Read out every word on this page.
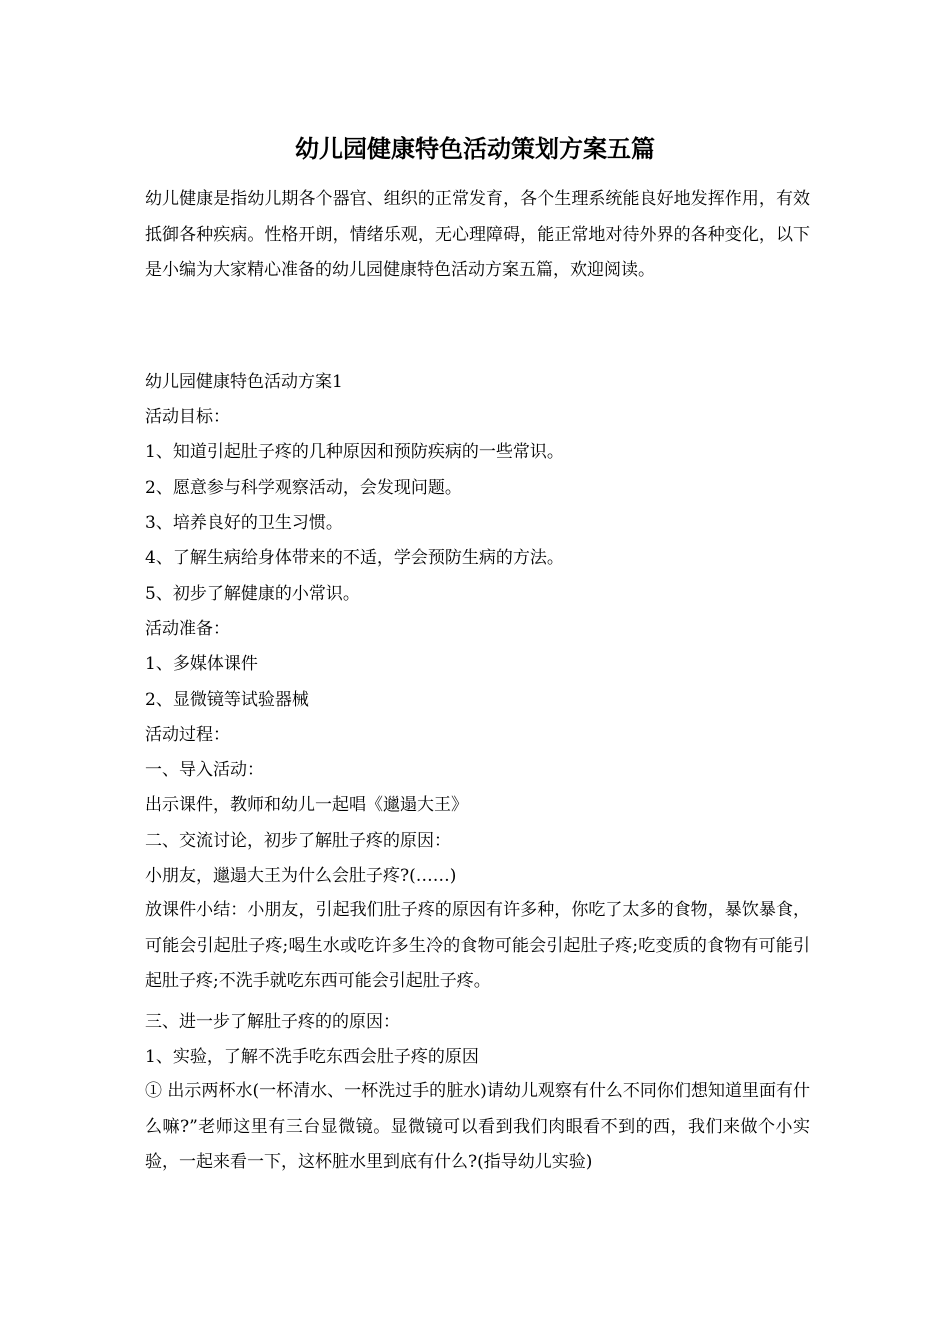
幼儿园健康特色活动策划方案五篇

幼儿健康是指幼儿期各个器官、组织的正常发育，各个生理系统能良好地发挥作用，有效抵御各种疾病。性格开朗，情绪乐观，无心理障碍，能正常地对待外界的各种变化，以下是小编为大家精心准备的幼儿园健康特色活动方案五篇，欢迎阅读。

幼儿园健康特色活动方案1

活动目标：

1、知道引起肚子疼的几种原因和预防疾病的一些常识。

2、愿意参与科学观察活动，会发现问题。

3、培养良好的卫生习惯。

4、了解生病给身体带来的不适，学会预防生病的方法。

5、初步了解健康的小常识。

活动准备：

1、多媒体课件

2、显微镜等试验器械

活动过程：

一、导入活动：

出示课件，教师和幼儿一起唱《邋遢大王》

二、交流讨论，初步了解肚子疼的原因：

小朋友，邋遢大王为什么会肚子疼?(……)

放课件小结：小朋友，引起我们肚子疼的原因有许多种，你吃了太多的食物，暴饮暴食，可能会引起肚子疼;喝生水或吃许多生冷的食物可能会引起肚子疼;吃变质的食物有可能引起肚子疼;不洗手就吃东西可能会引起肚子疼。

三、进一步了解肚子疼的的原因：

1、实验，了解不洗手吃东西会肚子疼的原因

① 出示两杯水(一杯清水、一杯洗过手的脏水)请幼儿观察有什么不同你们想知道里面有什么嘛?”老师这里有三台显微镜。显微镜可以看到我们肉眼看不到的西，我们来做个小实验，一起来看一下，这杯脏水里到底有什么?(指导幼儿实验)
